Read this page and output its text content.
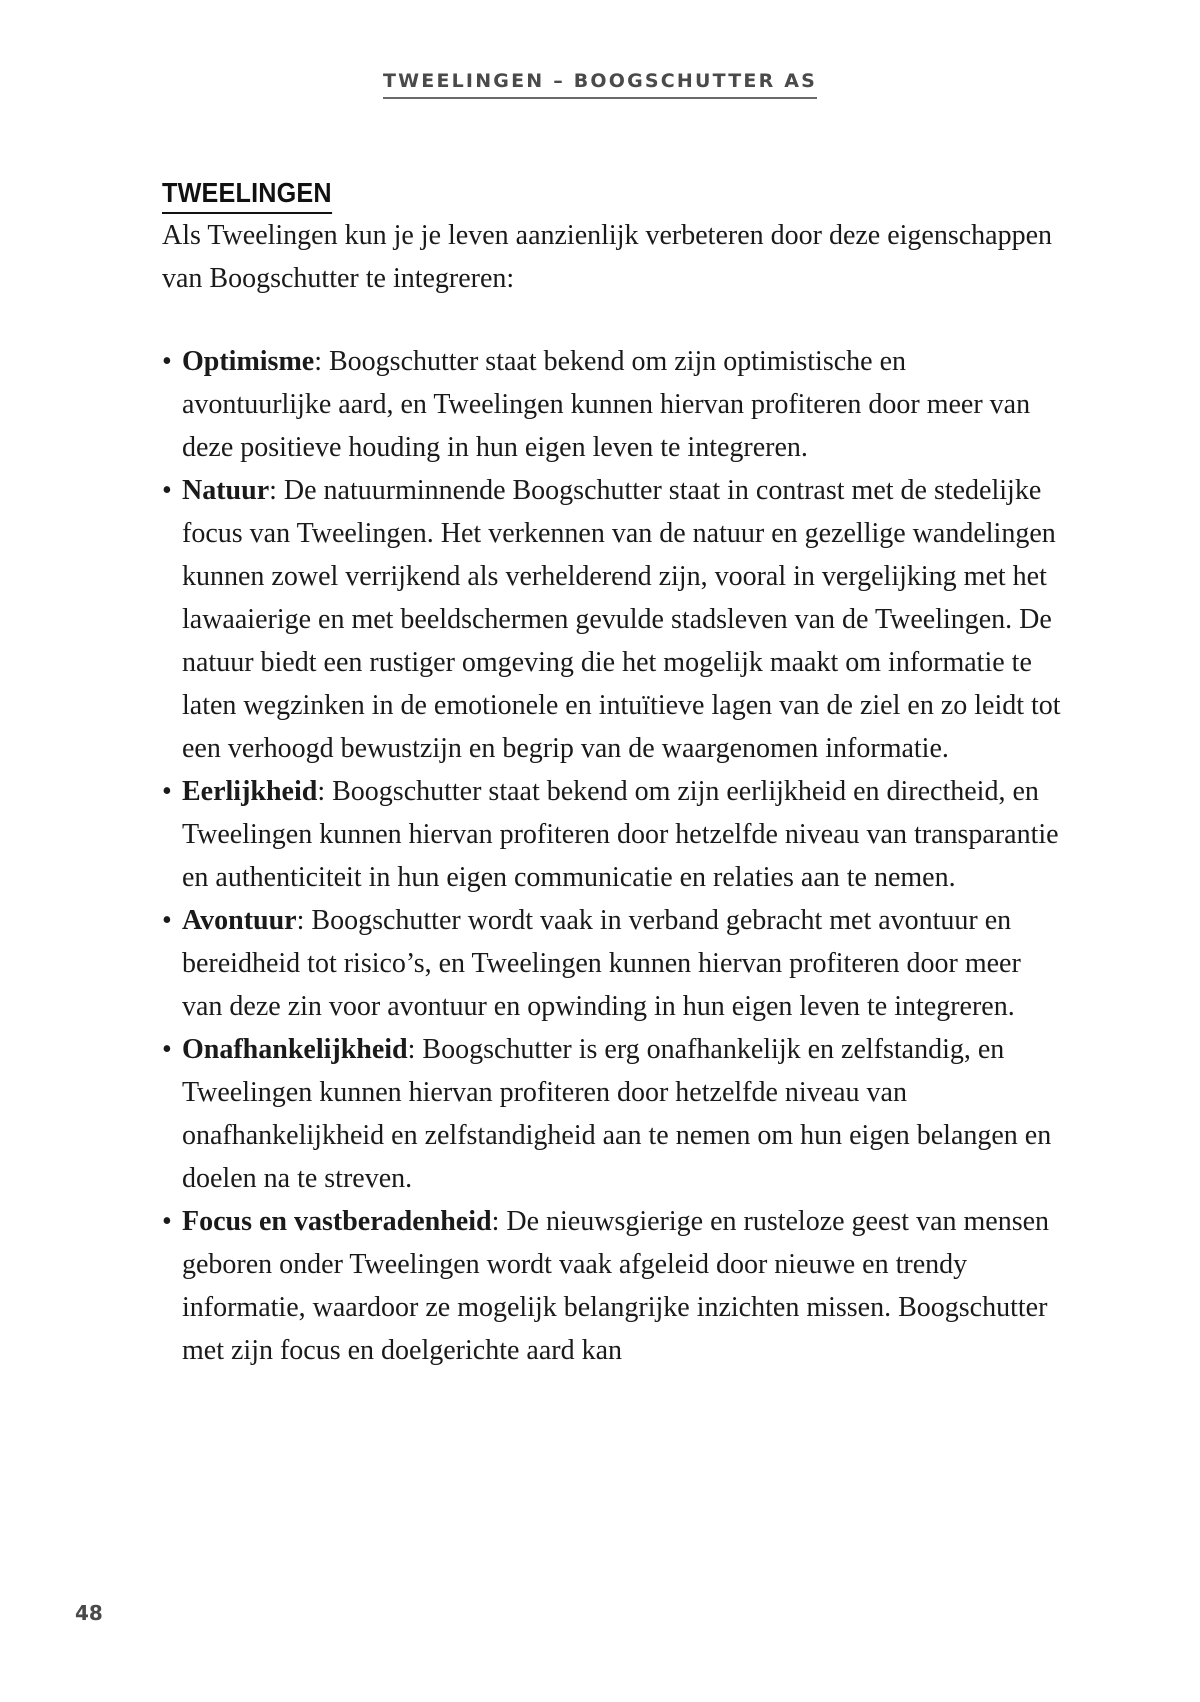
TWEELINGEN – BOOGSCHUTTER AS
TWEELINGEN

Als Tweelingen kun je je leven aanzienlijk verbeteren door deze eigenschappen van Boogschutter te integreren:

• Optimisme: Boogschutter staat bekend om zijn optimistische en avontuurlijke aard, en Tweelingen kunnen hiervan profiteren door meer van deze positieve houding in hun eigen leven te integreren.
• Natuur: De natuurminnende Boogschutter staat in contrast met de stedelijke focus van Tweelingen. Het verkennen van de natuur en gezellige wandelingen kunnen zowel verrijkend als verhelderend zijn, vooral in vergelijking met het lawaaierige en met beeldschermen gevulde stadsleven van de Tweelingen. De natuur biedt een rustiger omgeving die het mogelijk maakt om informatie te laten wegzinken in de emotionele en intuïtieve lagen van de ziel en zo leidt tot een verhoogd bewustzijn en begrip van de waargenomen informatie.
• Eerlijkheid: Boogschutter staat bekend om zijn eerlijkheid en directheid, en Tweelingen kunnen hiervan profiteren door hetzelfde niveau van transparantie en authenticiteit in hun eigen communicatie en relaties aan te nemen.
• Avontuur: Boogschutter wordt vaak in verband gebracht met avontuur en bereidheid tot risico’s, en Tweelingen kunnen hiervan profiteren door meer van deze zin voor avontuur en opwinding in hun eigen leven te integreren.
• Onafhankelijkheid: Boogschutter is erg onafhankelijk en zelfstandig, en Tweelingen kunnen hiervan profiteren door hetzelfde niveau van onafhankelijkheid en zelfstandigheid aan te nemen om hun eigen belangen en doelen na te streven.
• Focus en vastberadenheid: De nieuwsgierige en rusteloze geest van mensen geboren onder Tweelingen wordt vaak afgeleid door nieuwe en trendy informatie, waardoor ze mogelijk belangrijke inzichten missen. Boogschutter met zijn focus en doelgerichte aard kan
48
